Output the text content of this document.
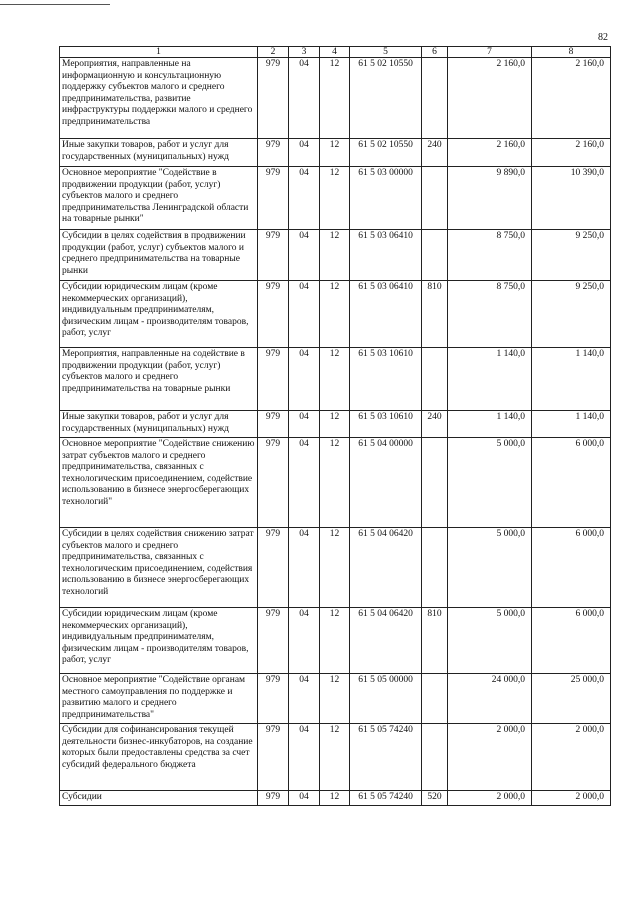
82
1	2	3	4	5	6	7	8
Мероприятия, направленные на информационную и консультационную поддержку субъектов малого и среднего предпринимательства, развитие инфраструктуры поддержки малого и среднего предпринимательства	979	04	12	61 5 02 10550		2 160,0	2 160,0
Иные закупки товаров, работ и услуг для государственных (муниципальных) нужд	979	04	12	61 5 02 10550	240	2 160,0	2 160,0
Основное мероприятие "Содействие в продвижении продукции (работ, услуг) субъектов малого и среднего предпринимательства Ленинградской области на товарные рынки"	979	04	12	61 5 03 00000		9 890,0	10 390,0
Субсидии в целях содействия в продвижении продукции (работ, услуг) субъектов малого и среднего предпринимательства на товарные рынки	979	04	12	61 5 03 06410		8 750,0	9 250,0
Субсидии юридическим лицам (кроме некоммерческих организаций), индивидуальным предпринимателям, физическим лицам - производителям товаров, работ, услуг	979	04	12	61 5 03 06410	810	8 750,0	9 250,0
Мероприятия, направленные на содействие в продвижении продукции (работ, услуг) субъектов малого и среднего предпринимательства на товарные рынки	979	04	12	61 5 03 10610		1 140,0	1 140,0
Иные закупки товаров, работ и услуг для государственных (муниципальных) нужд	979	04	12	61 5 03 10610	240	1 140,0	1 140,0
Основное мероприятие "Содействие снижению затрат субъектов малого и среднего предпринимательства, связанных с технологическим присоединением, содействие использованию в бизнесе энергосберегающих технологий"	979	04	12	61 5 04 00000		5 000,0	6 000,0
Субсидии в целях содействия снижению затрат субъектов малого и среднего предпринимательства, связанных с технологическим присоединением, содействия использованию в бизнесе энергосберегающих технологий	979	04	12	61 5 04 06420		5 000,0	6 000,0
Субсидии юридическим лицам (кроме некоммерческих организаций), индивидуальным предпринимателям, физическим лицам - производителям товаров, работ, услуг	979	04	12	61 5 04 06420	810	5 000,0	6 000,0
Основное мероприятие "Содействие органам местного самоуправления по поддержке и развитию малого и среднего предпринимательства"	979	04	12	61 5 05 00000		24 000,0	25 000,0
Субсидии для софинансирования текущей деятельности бизнес-инкубаторов, на создание которых были предоставлены средства за счет субсидий федерального бюджета	979	04	12	61 5 05 74240		2 000,0	2 000,0
Субсидии	979	04	12	61 5 05 74240	520	2 000,0	2 000,0
